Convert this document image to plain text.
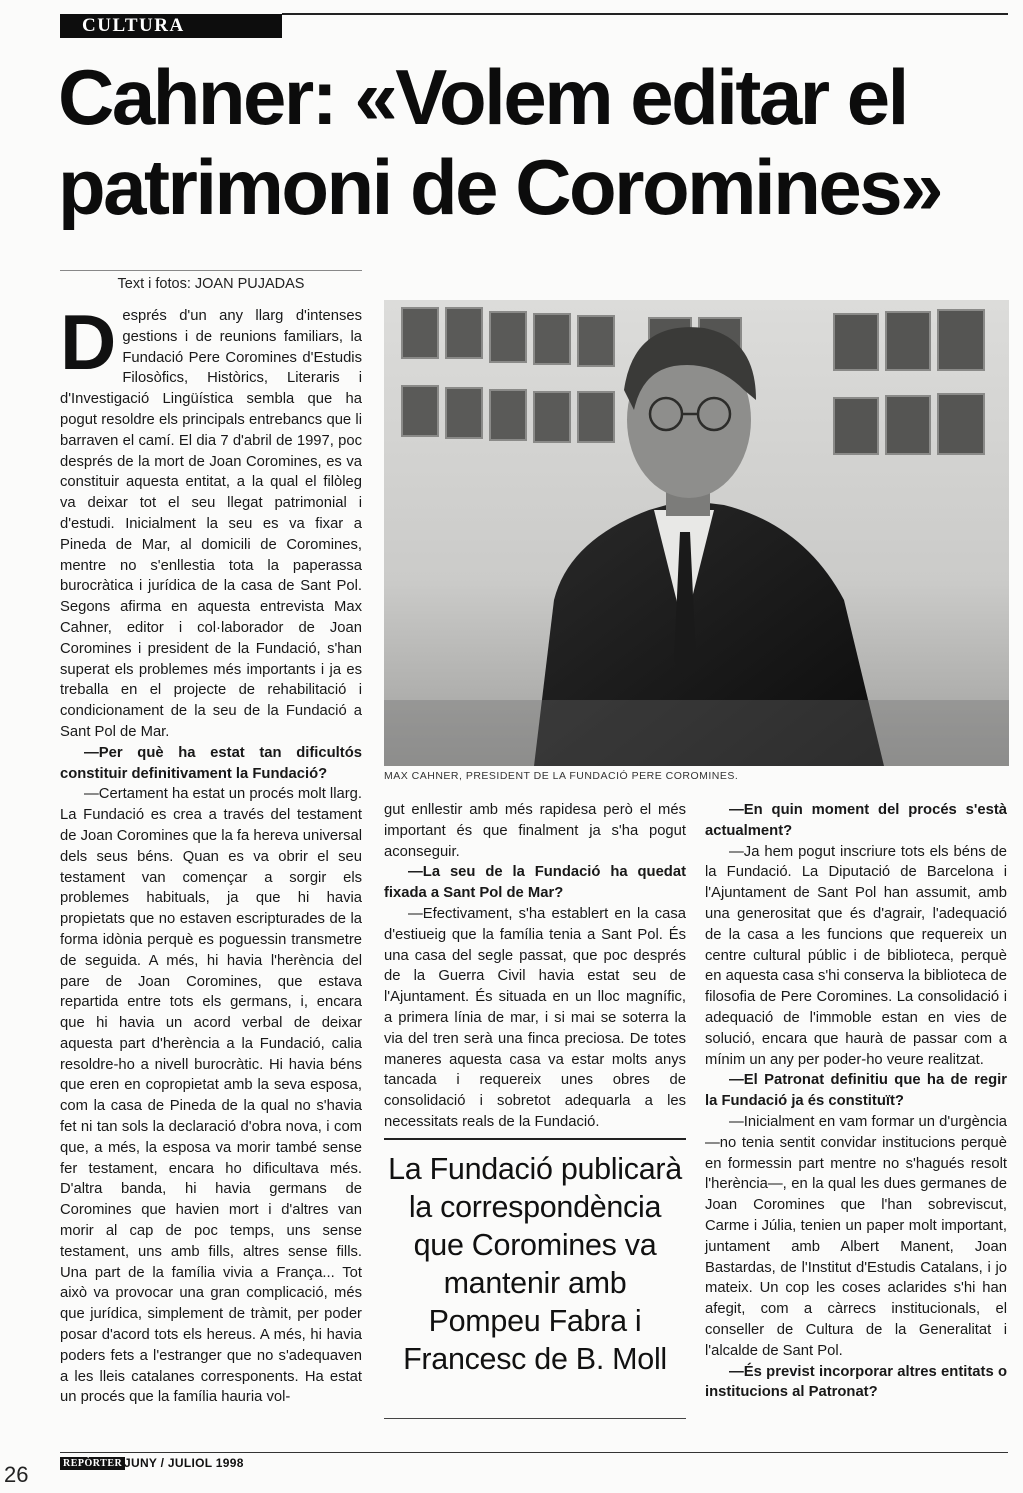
CULTURA
Cahner: «Volem editar el
patrimoni de Coromines»
Text i fotos: JOAN PUJADAS

Després d'un any llarg d'intenses gestions i de reunions familiars, la Fundació Pere Coromines d'Estudis Filosòfics, Històrics, Literaris i d'Investigació Lingüística sembla que ha pogut resoldre els principals entrebancs que li barraven el camí. El dia 7 d'abril de 1997, poc després de la mort de Joan Coromines, es va constituir aquesta entitat, a la qual el filòleg va deixar tot el seu llegat patrimonial i d'estudi. Inicialment la seu es va fixar a Pineda de Mar, al domicili de Coromines, mentre no s'enllestia tota la paperassa burocràtica i jurídica de la casa de Sant Pol. Segons afirma en aquesta entrevista Max Cahner, editor i col·laborador de Joan Coromines i president de la Fundació, s'han superat els problemes més importants i ja es treballa en el projecte de rehabilitació i condicionament de la seu de la Fundació a Sant Pol de Mar.

—Per què ha estat tan dificultós constituir definitivament la Fundació?

—Certament ha estat un procés molt llarg. La Fundació es crea a través del testament de Joan Coromines que la fa hereva universal dels seus béns. Quan es va obrir el seu testament van començar a sorgir els problemes habituals, ja que hi havia propietats que no estaven escripturades de la forma idònia perquè es poguessin transmetre de seguida. A més, hi havia l'herència del pare de Joan Coromines, que estava repartida entre tots els germans, i, encara que hi havia un acord verbal de deixar aquesta part d'herència a la Fundació, calia resoldre-ho a nivell burocràtic. Hi havia béns que eren en copropietat amb la seva esposa, com la casa de Pineda de la qual no s'havia fet ni tan sols la declaració d'obra nova, i com que, a més, la esposa va morir també sense fer testament, encara ho dificultava més. D'altra banda, hi havia germans de Coromines que havien mort i d'altres van morir al cap de poc temps, uns sense testament, uns amb fills, altres sense fills. Una part de la família vivia a França... Tot això va provocar una gran complicació, més que jurídica, simplement de tràmit, per poder posar d'acord tots els hereus. A més, hi havia poders fets a l'estranger que no s'adequaven a les lleis catalanes corresponents. Ha estat un procés que la família hauria vol-

MAX CAHNER, PRESIDENT DE LA FUNDACIÓ PERE COROMINES.

gut enllestir amb més rapidesa però el més important és que finalment ja s'ha pogut aconseguir.

—La seu de la Fundació ha quedat fixada a Sant Pol de Mar?

—Efectivament, s'ha establert en la casa d'estiueig que la família tenia a Sant Pol. És una casa del segle passat, que poc després de la Guerra Civil havia estat seu de l'Ajuntament. És situada en un lloc magnífic, a primera línia de mar, i si mai se soterra la via del tren serà una finca preciosa. De totes maneres aquesta casa va estar molts anys tancada i requereix unes obres de consolidació i sobretot adequarla a les necessitats reals de la Fundació.

La Fundació publicarà la correspondència que Coromines va mantenir amb Pompeu Fabra i Francesc de B. Moll

—En quin moment del procés s'està actualment?

—Ja hem pogut inscriure tots els béns de la Fundació. La Diputació de Barcelona i l'Ajuntament de Sant Pol han assumit, amb una generositat que és d'agrair, l'adequació de la casa a les funcions que requereix un centre cultural públic i de biblioteca, perquè en aquesta casa s'hi conserva la biblioteca de filosofia de Pere Coromines. La consolidació i adequació de l'immoble estan en vies de solució, encara que haurà de passar com a mínim un any per poder-ho veure realitzat.

—El Patronat definitiu que ha de regir la Fundació ja és constituït?

—Inicialment en vam formar un d'urgència —no tenia sentit convidar institucions perquè en formessin part mentre no s'hagués resolt l'herència—, en la qual les dues germanes de Joan Coromines que l'han sobreviscut, Carme i Júlia, tenien un paper molt important, juntament amb Albert Manent, Joan Bastardas, de l'Institut d'Estudis Catalans, i jo mateix. Un cop les coses aclarides s'hi han afegit, com a càrrecs institucionals, el conseller de Cultura de la Generalitat i l'alcalde de Sant Pol.

—És previst incorporar altres entitats o institucions al Patronat?

26	REPÒRTER JUNY / JULIOL 1998
